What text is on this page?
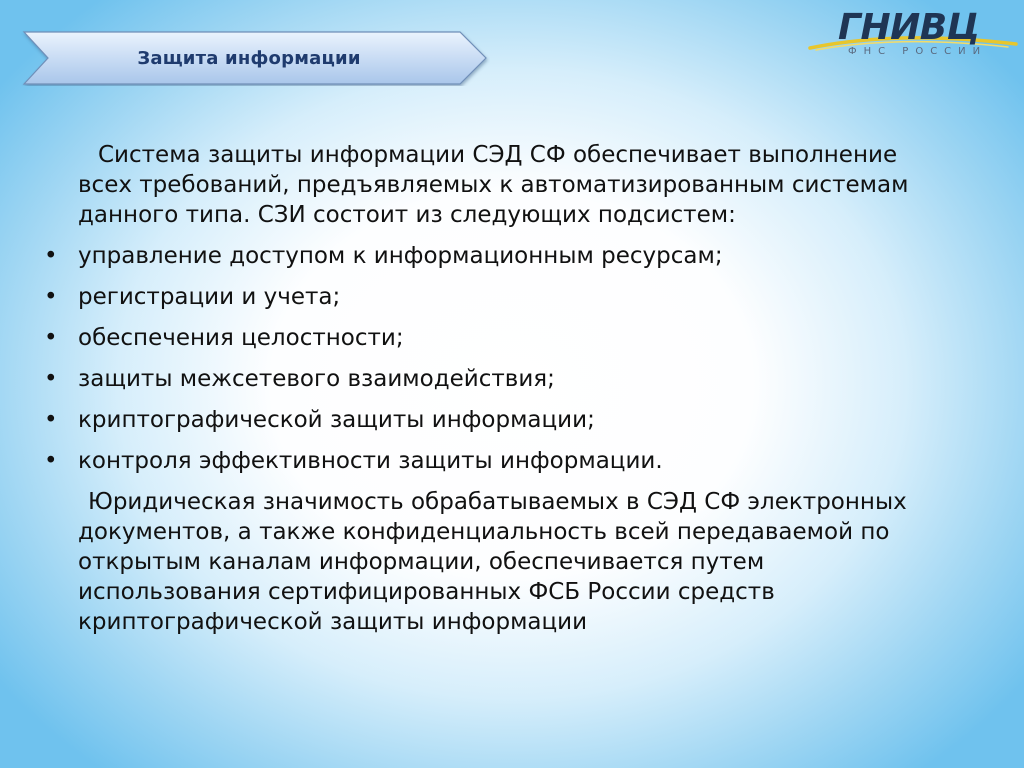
Защита информации
ГНИВЦ
ФНС РОССИИ

Система защиты информации СЭД СФ обеспечивает выполнение всех требований, предъявляемых к автоматизированным системам данного типа. СЗИ состоит из следующих подсистем:

• управление доступом к информационным ресурсам;
• регистрации и учета;
• обеспечения целостности;
• защиты межсетевого взаимодействия;
• криптографической защиты информации;
• контроля эффективности защиты информации.

Юридическая значимость обрабатываемых в СЭД СФ электронных документов, а также конфиденциальность всей передаваемой по открытым каналам информации, обеспечивается путем использования сертифицированных ФСБ России средств криптографической защиты информации
